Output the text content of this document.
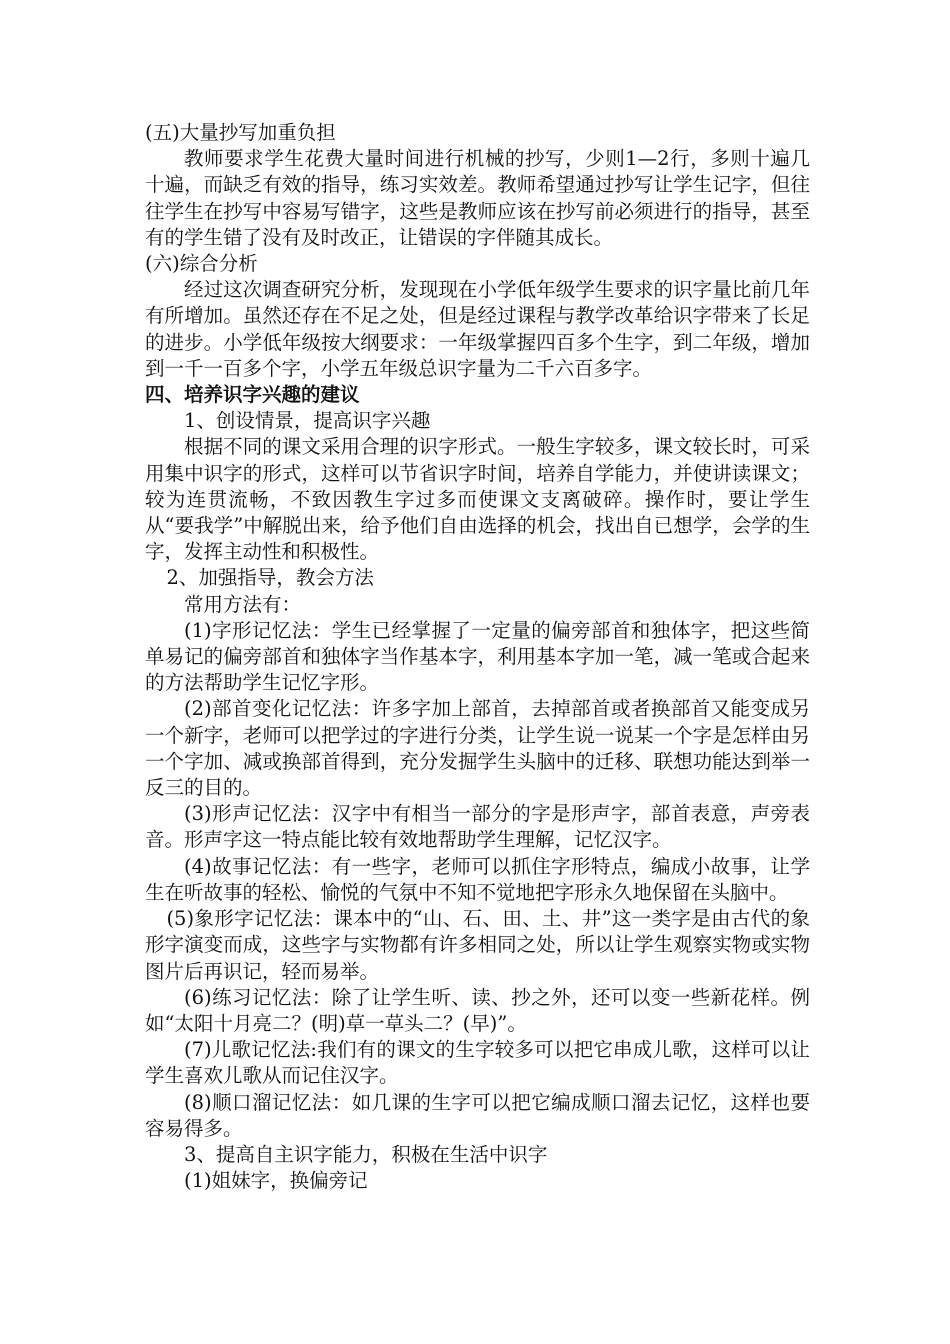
(五)大量抄写加重负担

教师要求学生花费大量时间进行机械的抄写，少则1—2行，多则十遍几十遍，而缺乏有效的指导，练习实效差。教师希望通过抄写让学生记字，但往往学生在抄写中容易写错字，这些是教师应该在抄写前必须进行的指导，甚至有的学生错了没有及时改正，让错误的字伴随其成长。

(六)综合分析

经过这次调查研究分析，发现现在小学低年级学生要求的识字量比前几年有所增加。虽然还存在不足之处，但是经过课程与教学改革给识字带来了长足的进步。小学低年级按大纲要求：一年级掌握四百多个生字，到二年级，增加到一千一百多个字，小学五年级总识字量为二千六百多字。

四、培养识字兴趣的建议

1、创设情景，提高识字兴趣

根据不同的课文采用合理的识字形式。一般生字较多，课文较长时，可采用集中识字的形式，这样可以节省识字时间，培养自学能力，并使讲读课文；较为连贯流畅，不致因教生字过多而使课文支离破碎。操作时，要让学生从“要我学”中解脱出来，给予他们自由选择的机会，找出自已想学，会学的生字，发挥主动性和积极性。

2、加强指导，教会方法

常用方法有：

(1)字形记忆法：学生已经掌握了一定量的偏旁部首和独体字，把这些简单易记的偏旁部首和独体字当作基本字，利用基本字加一笔，减一笔或合起来的方法帮助学生记忆字形。

(2)部首变化记忆法：许多字加上部首，去掉部首或者换部首又能变成另一个新字，老师可以把学过的字进行分类，让学生说一说某一个字是怎样由另一个字加、减或换部首得到，充分发掘学生头脑中的迁移、联想功能达到举一反三的目的。

(3)形声记忆法：汉字中有相当一部分的字是形声字，部首表意，声旁表音。形声字这一特点能比较有效地帮助学生理解，记忆汉字。

(4)故事记忆法：有一些字，老师可以抓住字形特点，编成小故事，让学生在听故事的轻松、愉悦的气氛中不知不觉地把字形永久地保留在头脑中。

(5)象形字记忆法：课本中的“山、石、田、土、井”这一类字是由古代的象形字演变而成，这些字与实物都有许多相同之处，所以让学生观察实物或实物图片后再识记，轻而易举。

(6)练习记忆法：除了让学生听、读、抄之外，还可以变一些新花样。例如“太阳十月亮二？(明)草一草头二？(早)”。

(7)儿歌记忆法:我们有的课文的生字较多可以把它串成儿歌，这样可以让学生喜欢儿歌从而记住汉字。

(8)顺口溜记忆法：如几课的生字可以把它编成顺口溜去记忆，这样也要容易得多。

3、提高自主识字能力，积极在生活中识字

(1)姐妹字，换偏旁记
